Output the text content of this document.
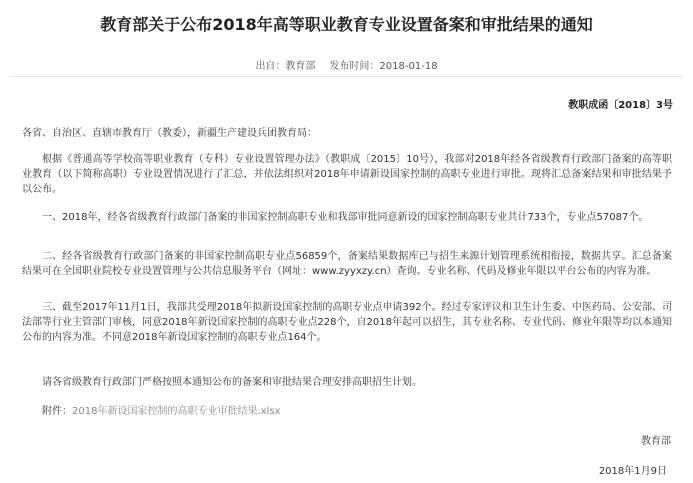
教育部关于公布2018年高等职业教育专业设置备案和审批结果的通知
出自：教育部 发布时间：2018-01-18
教职成函〔2018〕3号
各省、自治区、直辖市教育厅（教委），新疆生产建设兵团教育局：

根据《普通高等学校高等职业教育（专科）专业设置管理办法》（教职成〔2015〕10号），我部对2018年经各省级教育行政部门备案的高等职业教育（以下简称高职）专业设置情况进行了汇总，并依法组织对2018年申请新设国家控制的高职专业进行审批。现将汇总备案结果和审批结果予以公布。

一、2018年，经各省级教育行政部门备案的非国家控制高职专业和我部审批同意新设的国家控制高职专业共计733个，专业点57087个。

二、经各省级教育行政部门备案的非国家控制高职专业点56859个，备案结果数据库已与招生来源计划管理系统相衔接，数据共享。汇总备案结果可在全国职业院校专业设置管理与公共信息服务平台（网址：www.zyyxzy.cn）查询。专业名称、代码及修业年限以平台公布的内容为准。

三、截至2017年11月1日，我部共受理2018年拟新设国家控制的高职专业点申请392个。经过专家评议和卫生计生委、中医药局、公安部、司法部等行业主管部门审核，同意2018年新设国家控制的高职专业点228个，自2018年起可以招生，其专业名称、专业代码、修业年限等均以本通知公布的内容为准。不同意2018年新设国家控制的高职专业点164个。

请各省级教育行政部门严格按照本通知公布的备案和审批结果合理安排高职招生计划。

附件：2018年新设国家控制的高职专业审批结果.xlsx
教育部
2018年1月9日
